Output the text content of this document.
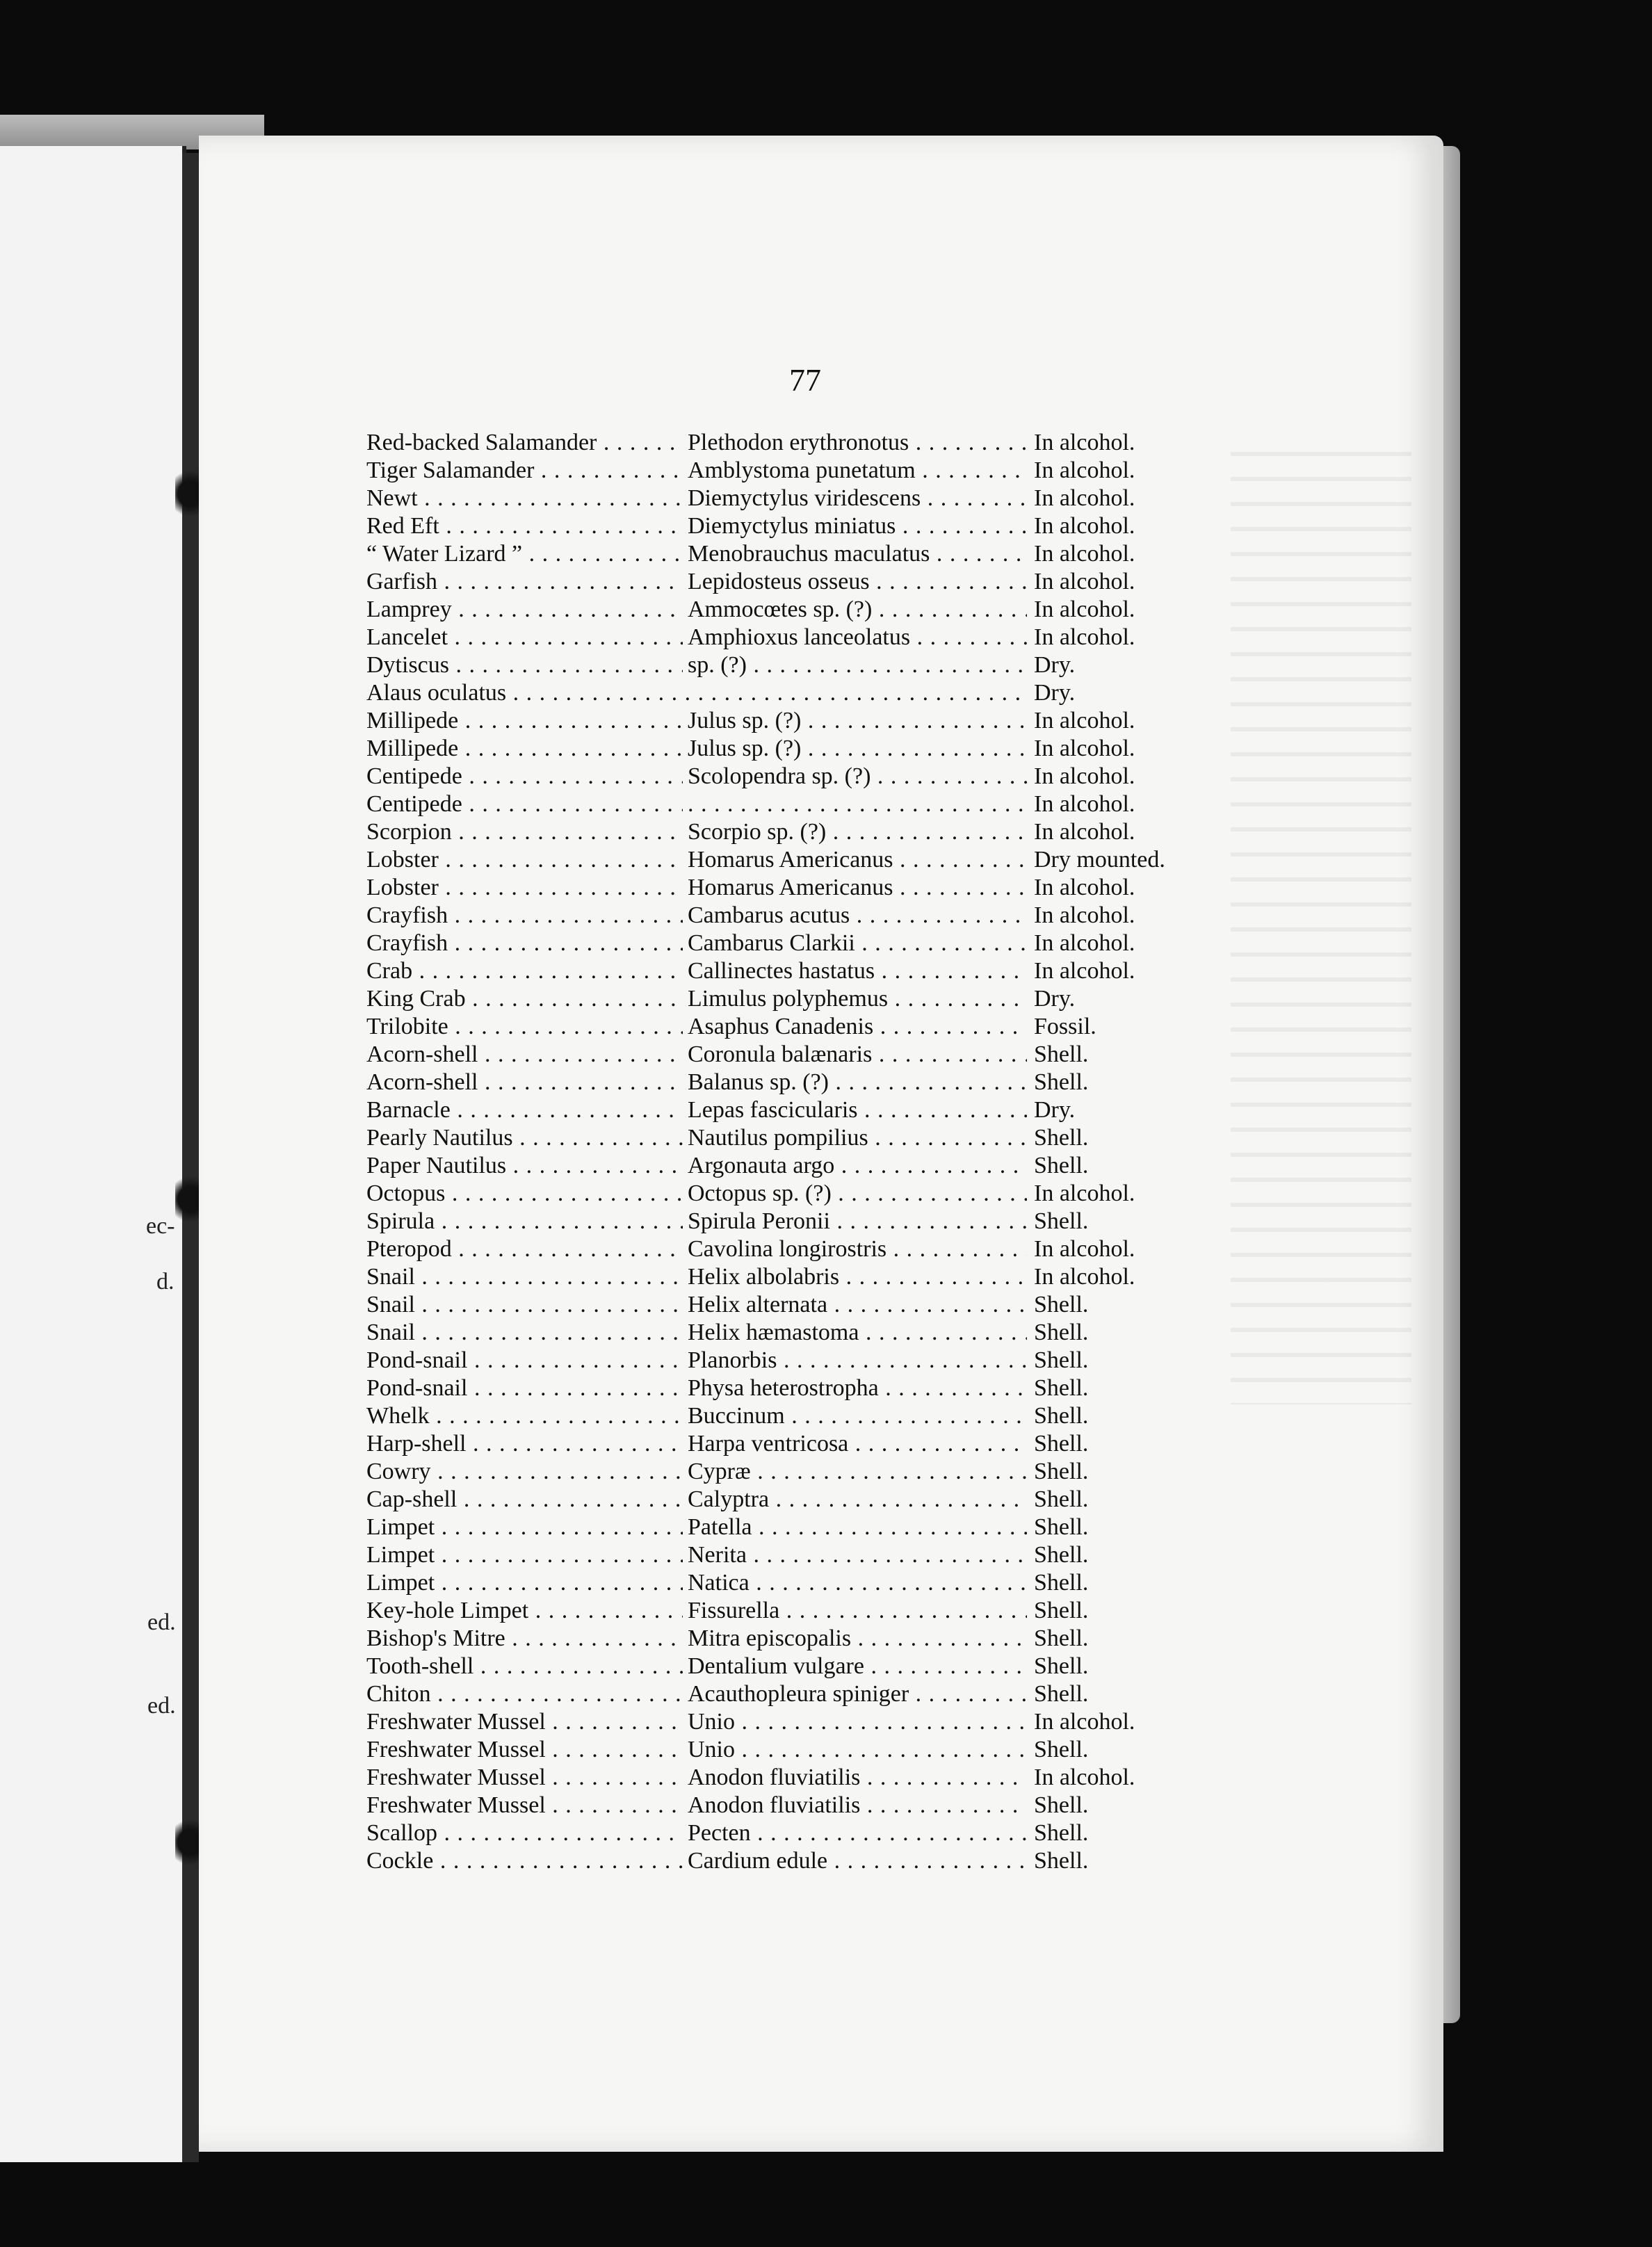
ec-
d.
ed.
ed.
77
Red-backed Salamander . . .	Plethodon erythronotus . . .	In alcohol.
Tiger Salamander . . .	Amblystoma punetatum . . .	In alcohol.
Newt . . .	Diemyctylus viridescens . . .	In alcohol.
Red Eft . . .	Diemyctylus miniatus . . .	In alcohol.
“ Water Lizard ” . . .	Menobrauchus maculatus . . .	In alcohol.
Garfish . . .	Lepidosteus osseus . . .	In alcohol.
Lamprey . . .	Ammocœtes sp. (?) . . .	In alcohol.
Lancelet . . .	Amphioxus lanceolatus . . .	In alcohol.
Dytiscus . . .	sp. (?) . . .	Dry.
Alaus oculatus . . .	Dry.
Millipede . . .	Julus sp. (?) . . .	In alcohol.
Millipede . . .	Julus sp. (?) . . .	In alcohol.
Centipede . . .	Scolopendra sp. (?) . . .	In alcohol.
Centipede . . .
. . .	In alcohol.
Scorpion . . .	Scorpio sp. (?) . . .	In alcohol.
Lobster . . .	Homarus Americanus . . .	Dry mounted.
Lobster . . .	Homarus Americanus . . .	In alcohol.
Crayfish . . .	Cambarus acutus . . .	In alcohol.
Crayfish . . .	Cambarus Clarkii . . .	In alcohol.
Crab . . .	Callinectes hastatus . . .	In alcohol.
King Crab . . .	Limulus polyphemus . . .	Dry.
Trilobite . . .	Asaphus Canadenis . . .	Fossil.
Acorn-shell . . .	Coronula balænaris . . .	Shell.
Acorn-shell . . .	Balanus sp. (?) . . .	Shell.
Barnacle . . .	Lepas fascicularis . . .	Dry.
Pearly Nautilus . . .	Nautilus pompilius . . .	Shell.
Paper Nautilus . . .	Argonauta argo . . .	Shell.
Octopus . . .	Octopus sp. (?) . . .	In alcohol.
Spirula . . .	Spirula Peronii . . .	Shell.
Pteropod . . .	Cavolina longirostris . . .	In alcohol.
Snail . . .	Helix albolabris . . .	In alcohol.
Snail . . .	Helix alternata . . .	Shell.
Snail . . .	Helix hæmastoma . . .	Shell.
Pond-snail . . .	Planorbis . . .	Shell.
Pond-snail . . .	Physa heterostropha . . .	Shell.
Whelk . . .	Buccinum . . .	Shell.
Harp-shell . . .	Harpa ventricosa . . .	Shell.
Cowry . . .	Cypræ . . .	Shell.
Cap-shell . . .	Calyptra . . .	Shell.
Limpet . . .	Patella . . .	Shell.
Limpet . . .	Nerita . . .	Shell.
Limpet . . .	Natica . . .	Shell.
Key-hole Limpet . . .	Fissurella . . .	Shell.
Bishop's Mitre . . .	Mitra episcopalis . . .	Shell.
Tooth-shell . . .	Dentalium vulgare . . .	Shell.
Chiton . . .	Acauthopleura spiniger . . .	Shell.
Freshwater Mussel . . .	Unio . . .	In alcohol.
Freshwater Mussel . . .	Unio . . .	Shell.
Freshwater Mussel . . .	Anodon fluviatilis . . .	In alcohol.
Freshwater Mussel . . .	Anodon fluviatilis . . .	Shell.
Scallop . . .	Pecten . . .	Shell.
Cockle . . .	Cardium edule . . .	Shell.
